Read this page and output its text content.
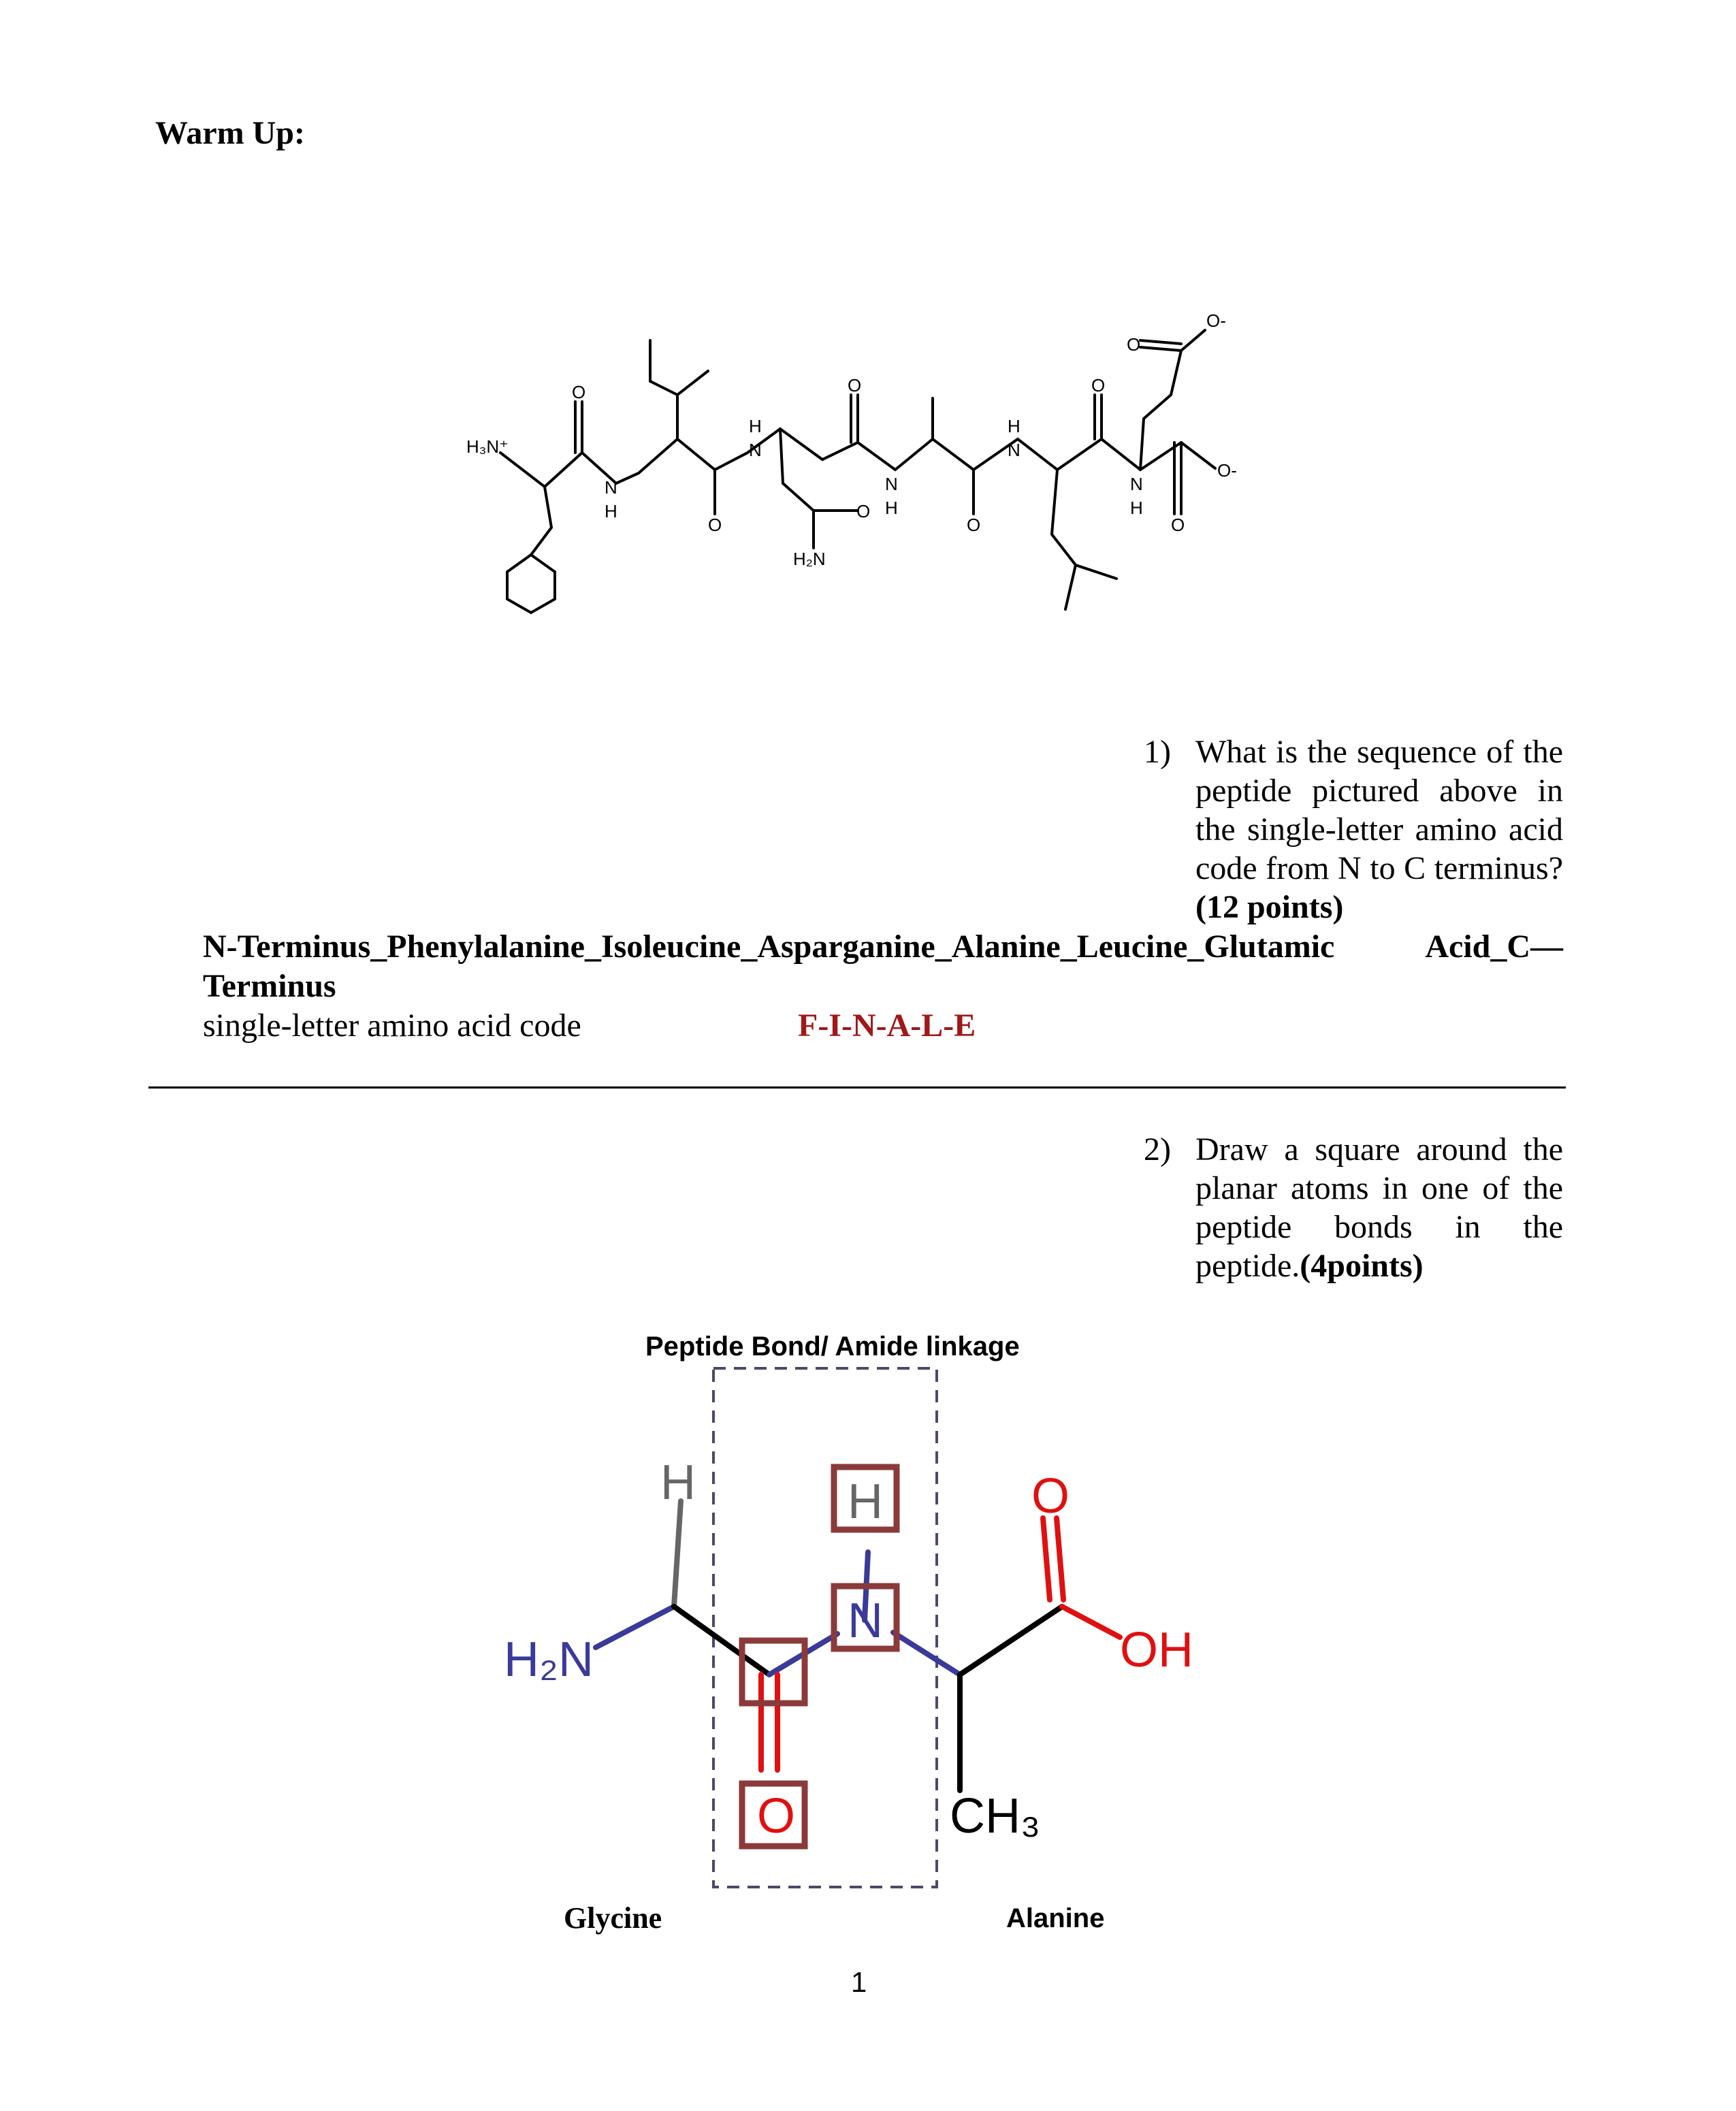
Warm Up:
H₃N⁺
N
H
N
H
N
H
N
H
N
H
O
O
O
O
O
O
O
O-
O-
O
H₂N
1) What is the sequence of the peptide pictured above in the single-letter amino acid code from N to C terminus? (12 points)
N-Terminus_Phenylalanine_Isoleucine_Asparganine_Alanine_Leucine_Glutamic Acid_C—
Terminus
single-letter amino acid code	F-I-N-A-L-E
2) Draw a square around the planar atoms in one of the peptide bonds in the peptide.(4points)
Peptide Bond/ Amide linkage
H	H
N
O
O
OH
H₂N
CH₃
Glycine	Alanine
1
